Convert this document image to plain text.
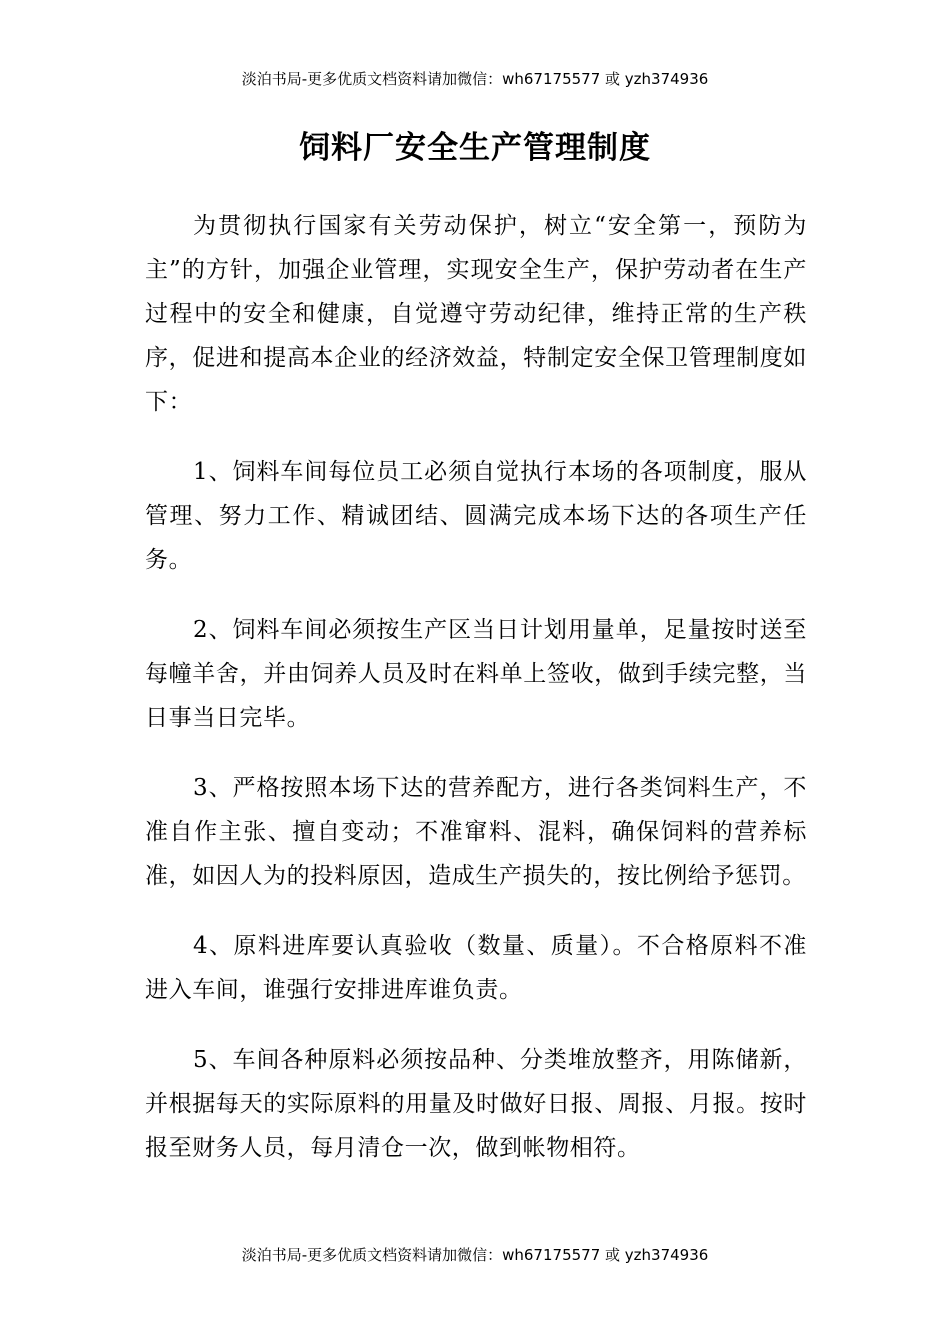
淡泊书局-更多优质文档资料请加微信：wh67175577 或 yzh374936
饲料厂安全生产管理制度

为贯彻执行国家有关劳动保护，树立“安全第一，预防为主”的方针，加强企业管理，实现安全生产，保护劳动者在生产过程中的安全和健康，自觉遵守劳动纪律，维持正常的生产秩序，促进和提高本企业的经济效益，特制定安全保卫管理制度如下：

1、饲料车间每位员工必须自觉执行本场的各项制度，服从管理、努力工作、精诚团结、圆满完成本场下达的各项生产任务。

2、饲料车间必须按生产区当日计划用量单，足量按时送至每幢羊舍，并由饲养人员及时在料单上签收，做到手续完整，当日事当日完毕。

3、严格按照本场下达的营养配方，进行各类饲料生产，不准自作主张、擅自变动；不准窜料、混料，确保饲料的营养标准，如因人为的投料原因，造成生产损失的，按比例给予惩罚。

4、原料进库要认真验收（数量、质量）。不合格原料不准进入车间，谁强行安排进库谁负责。

5、车间各种原料必须按品种、分类堆放整齐，用陈储新，并根据每天的实际原料的用量及时做好日报、周报、月报。按时报至财务人员，每月清仓一次，做到帐物相符。

淡泊书局-更多优质文档资料请加微信：wh67175577 或 yzh374936
